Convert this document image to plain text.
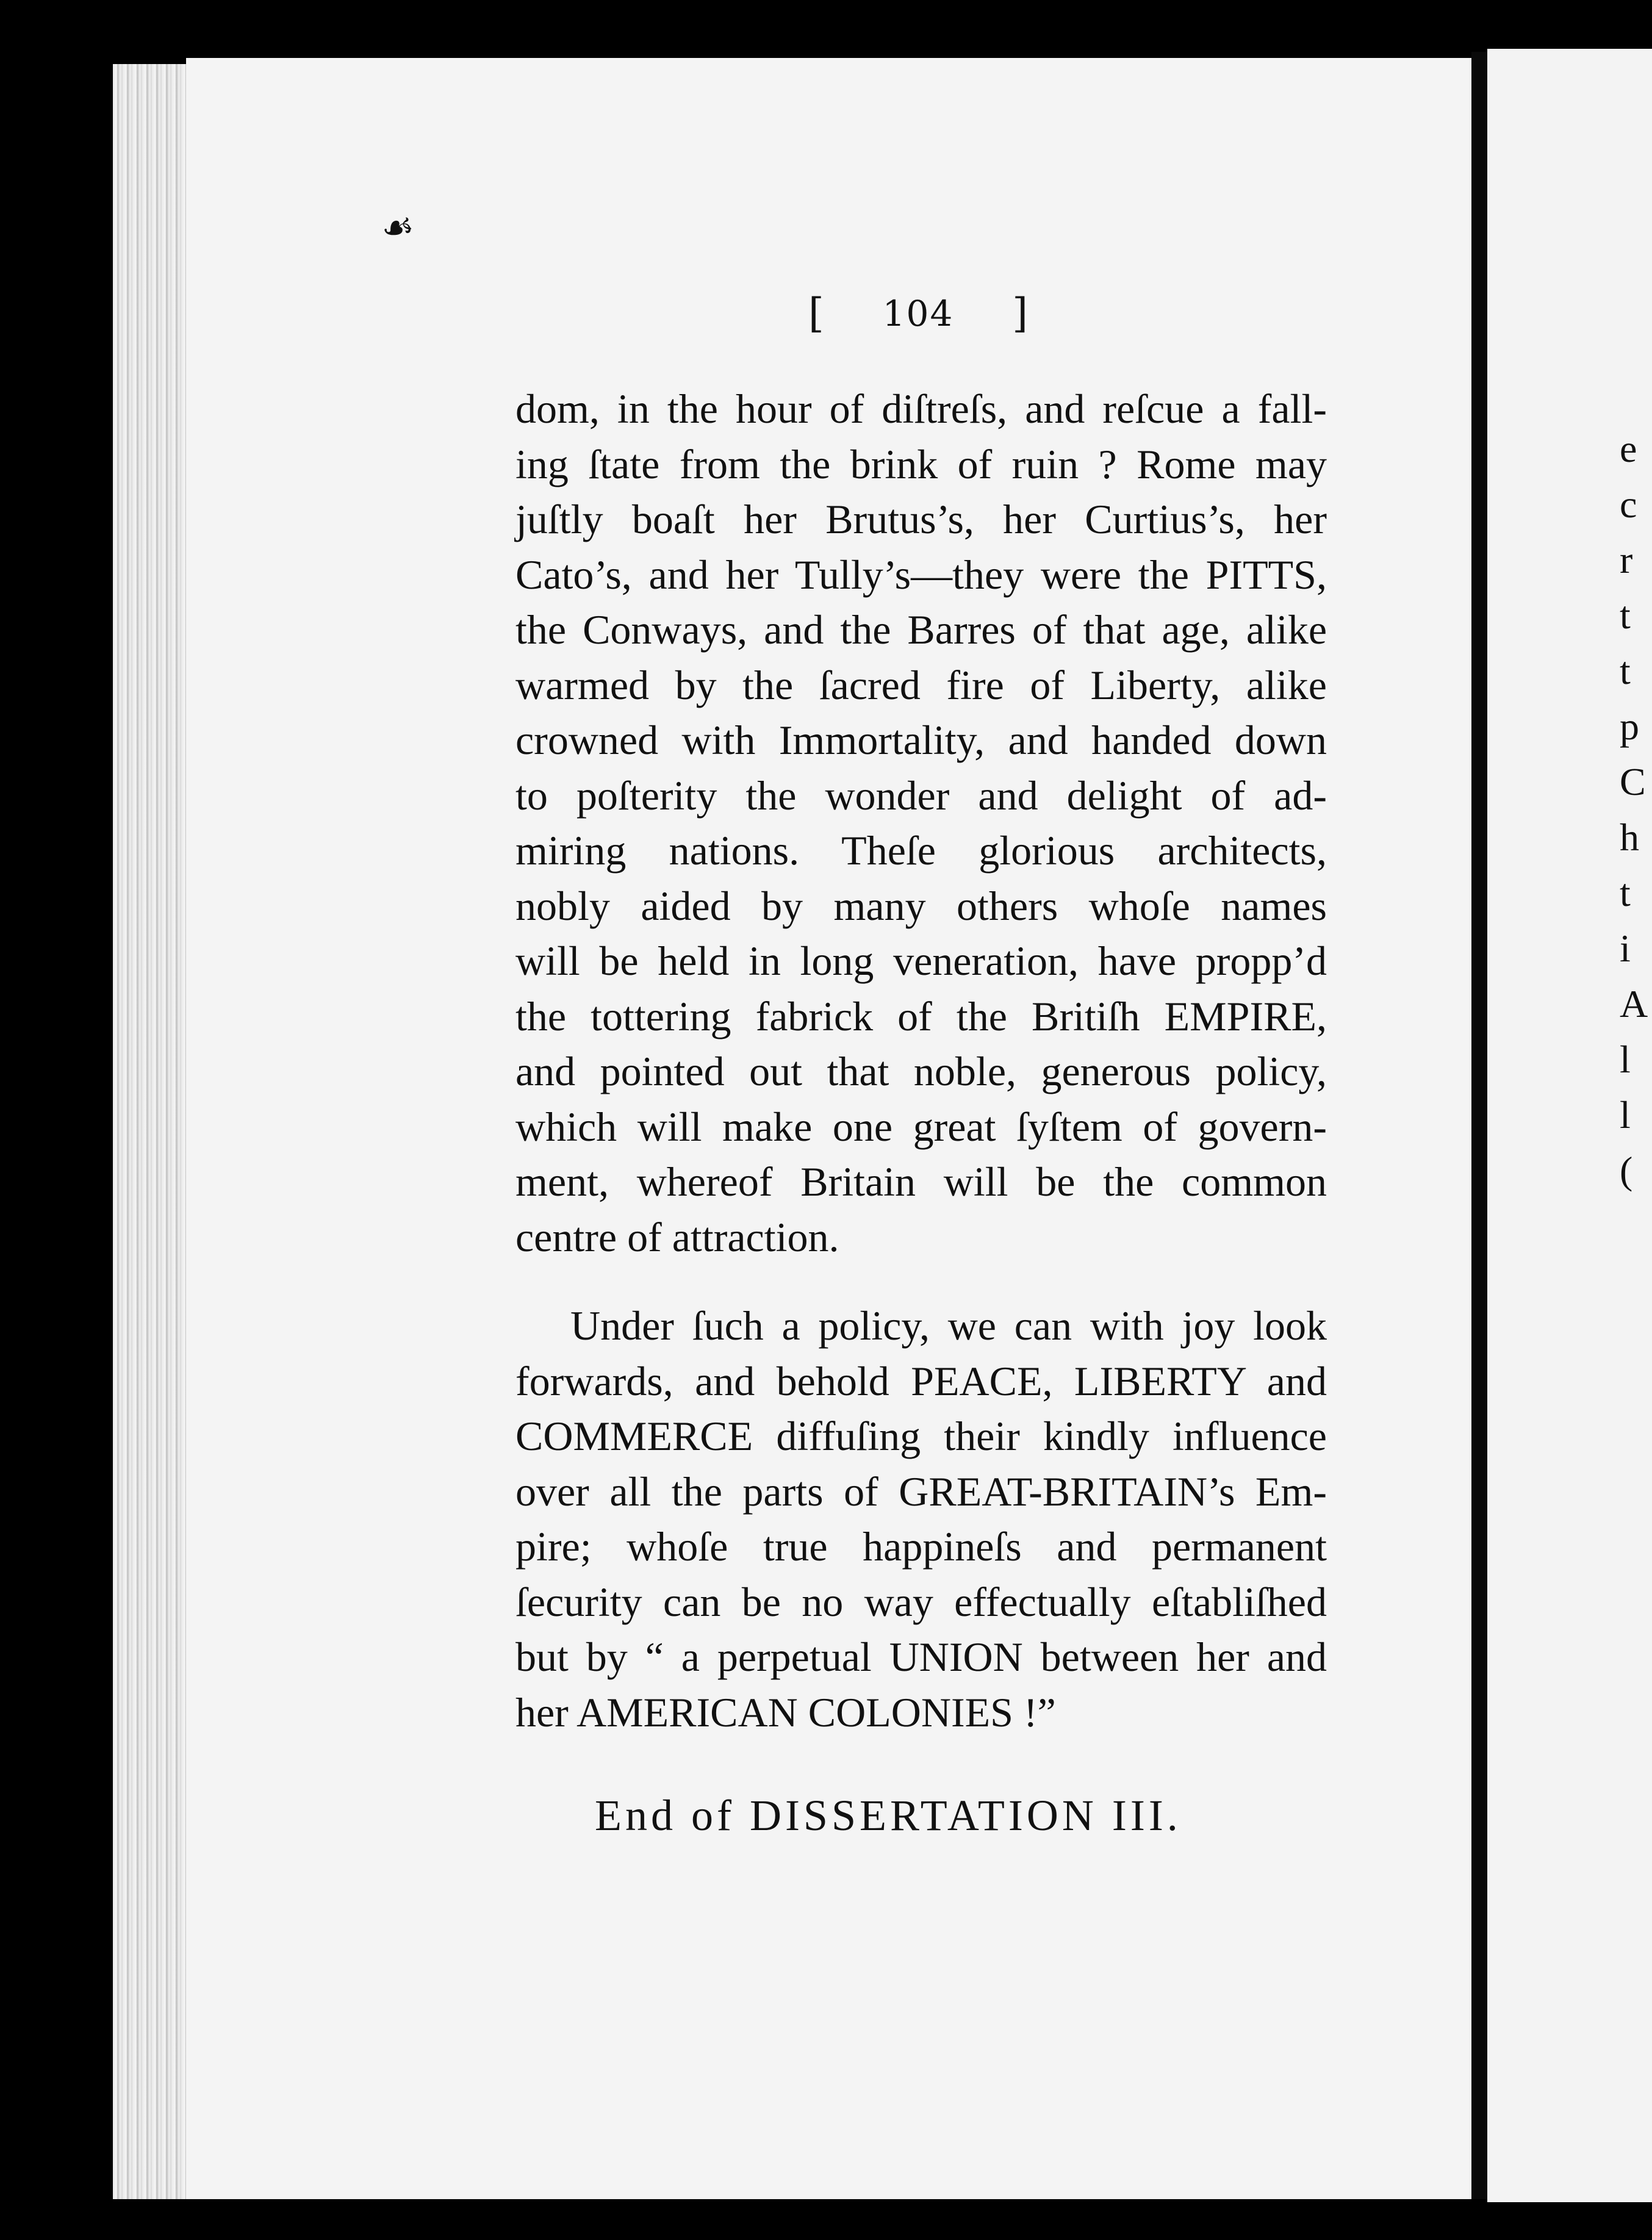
☙
[ 104 ]
dom, in the hour of diſtreſs, and reſcue a fall-
ing ſtate from the brink of ruin ? Rome may
juſtly boaſt her Brutus’s, her Curtius’s, her
Cato’s, and her Tully’s—they were the PITTS,
the Conways, and the Barres of that age, alike
warmed by the ſacred fire of Liberty, alike
crowned with Immortality, and handed down
to poſterity the wonder and delight of ad-
miring nations. Theſe glorious architects,
nobly aided by many others whoſe names
will be held in long veneration, have propp’d
the tottering fabrick of the Britiſh EMPIRE,
and pointed out that noble, generous policy,
which will make one great ſyſtem of govern-
ment, whereof Britain will be the common
centre of attraction.
Under ſuch a policy, we can with joy look
forwards, and behold PEACE, LIBERTY and
COMMERCE diffuſing their kindly influence
over all the parts of GREAT-BRITAIN’s Em-
pire; whoſe true happineſs and permanent
ſecurity can be no way effectually eſtabliſhed
but by “ a perpetual UNION between her and
her AMERICAN COLONIES !”
End of DISSERTATION III.
e
c
r
t
t
p
C
h
t
i
A
l
l
(
